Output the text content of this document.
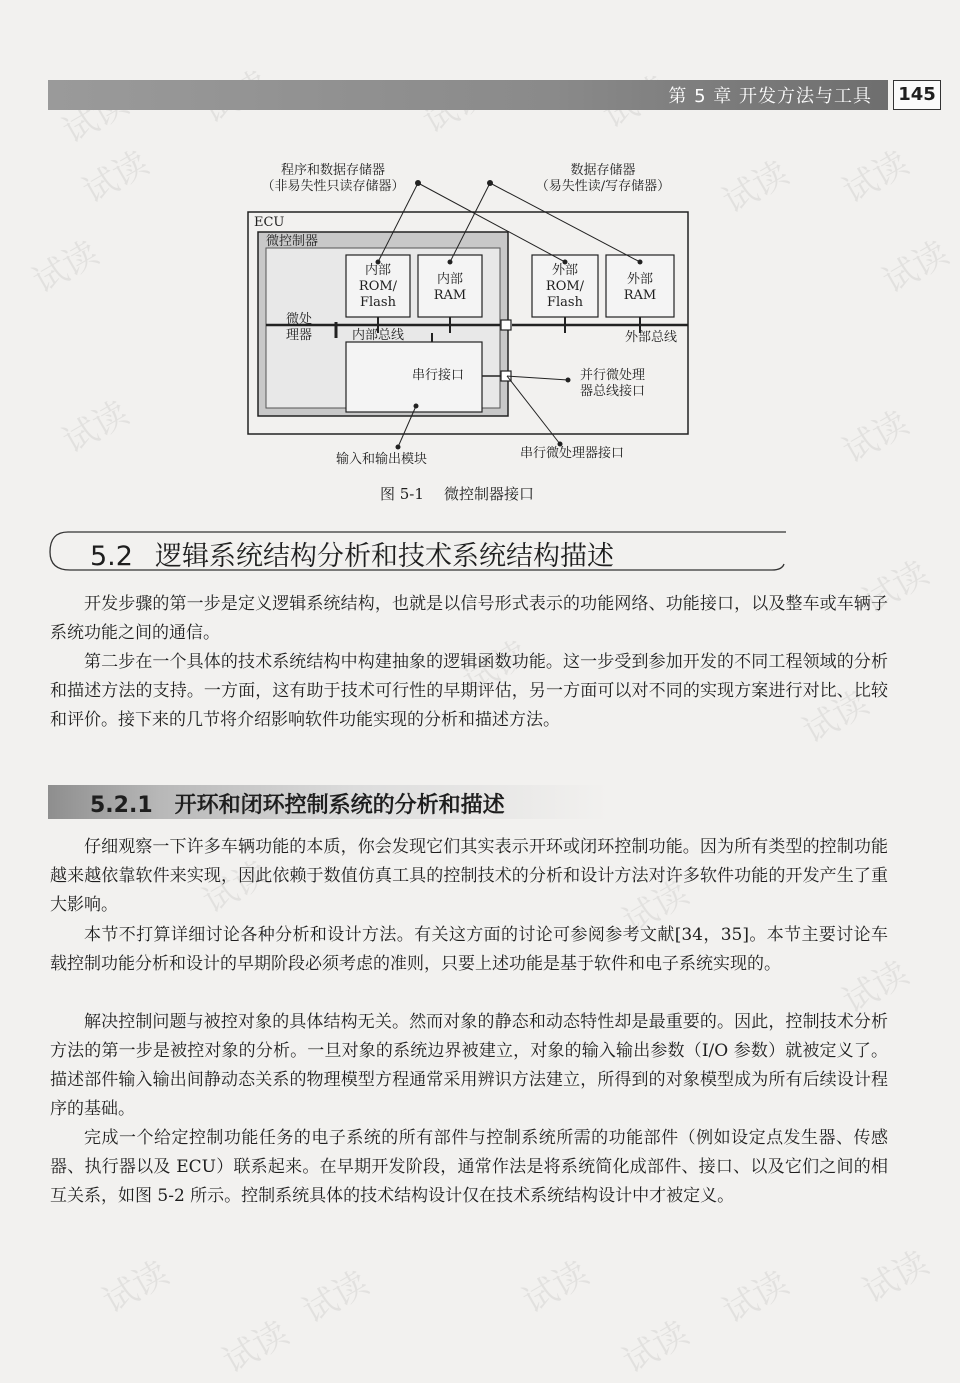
试读
试读	试读 试读
试读	试读
试读	试读
试读
试读
试读
试读	试读
试读
试读	试读	试读	试读 试读
试读	试读
第 5 章 开发方法与工具 145
程序和数据存储器
（非易失性只读存储器）
数据存储器
（易失性读/写存储器）
ECU
微控制器
微处
理器
内部
ROM/
Flash
内部
RAM
外部
ROM/
Flash
外部
RAM
内部总线	外部总线
串行接口	并行微处理
器总线接口
输入和输出模块	串行微处理器接口
图 5-1 微控制器接口
5.2 逻辑系统结构分析和技术系统结构描述

开发步骤的第一步是定义逻辑系统结构，也就是以信号形式表示的功能网络、功能接口，以及整车或车辆子系统功能之间的通信。

第二步在一个具体的技术系统结构中构建抽象的逻辑函数功能。这一步受到参加开发的不同工程领域的分析和描述方法的支持。一方面，这有助于技术可行性的早期评估，另一方面可以对不同的实现方案进行对比、比较和评价。接下来的几节将介绍影响软件功能实现的分析和描述方法。

5.2.1 开环和闭环控制系统的分析和描述

仔细观察一下许多车辆功能的本质，你会发现它们其实表示开环或闭环控制功能。因为所有类型的控制功能越来越依靠软件来实现，因此依赖于数值仿真工具的控制技术的分析和设计方法对许多软件功能的开发产生了重大影响。

本节不打算详细讨论各种分析和设计方法。有关这方面的讨论可参阅参考文献[34，35]。本节主要讨论车载控制功能分析和设计的早期阶段必须考虑的准则，只要上述功能是基于软件和电子系统实现的。

解决控制问题与被控对象的具体结构无关。然而对象的静态和动态特性却是最重要的。因此，控制技术分析方法的第一步是被控对象的分析。一旦对象的系统边界被建立，对象的输入输出参数（I/O 参数）就被定义了。描述部件输入输出间静动态关系的物理模型方程通常采用辨识方法建立，所得到的对象模型成为所有后续设计程序的基础。

完成一个给定控制功能任务的电子系统的所有部件与控制系统所需的功能部件（例如设定点发生器、传感器、执行器以及 ECU）联系起来。在早期开发阶段，通常作法是将系统简化成部件、接口、以及它们之间的相互关系，如图 5-2 所示。控制系统具体的技术结构设计仅在技术系统结构设计中才被定义。
